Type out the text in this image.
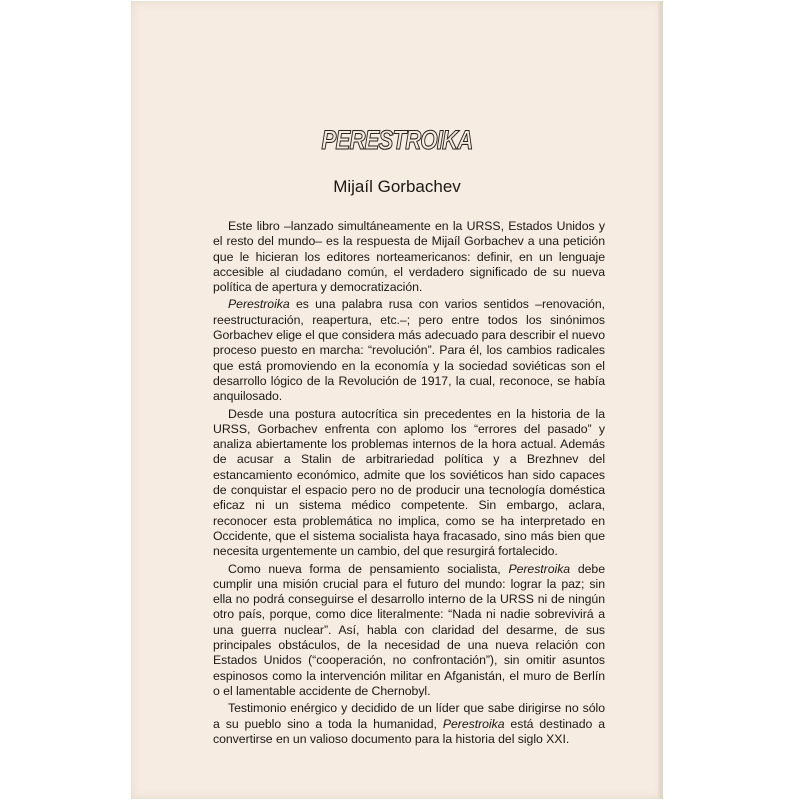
PERESTROIKA
Mijaíl Gorbachev

Este libro –lanzado simultáneamente en la URSS, Estados Unidos y el resto del mundo– es la respuesta de Mijaíl Gorbachev a una petición que le hicieran los editores norteamericanos: definir, en un lenguaje accesible al ciudadano común, el verdadero significado de su nueva política de apertura y democratización.

Perestroika es una palabra rusa con varios sentidos –renovación, reestructuración, reapertura, etc.–; pero entre todos los sinónimos Gorbachev elige el que considera más adecuado para describir el nuevo proceso puesto en marcha: “revolución”. Para él, los cambios radicales que está promoviendo en la economía y la sociedad soviéticas son el desarrollo lógico de la Revolución de 1917, la cual, reconoce, se había anquilosado.

Desde una postura autocrítica sin precedentes en la historia de la URSS, Gorbachev enfrenta con aplomo los “errores del pasado” y analiza abiertamente los problemas internos de la hora actual. Además de acusar a Stalin de arbitrariedad política y a Brezhnev del estancamiento económico, admite que los soviéticos han sido capaces de conquistar el espacio pero no de producir una tecnología doméstica eficaz ni un sistema médico competente. Sin embargo, aclara, reconocer esta problemática no implica, como se ha interpretado en Occidente, que el sistema socialista haya fracasado, sino más bien que necesita urgentemente un cambio, del que resurgirá fortalecido.

Como nueva forma de pensamiento socialista, Perestroika debe cumplir una misión crucial para el futuro del mundo: lograr la paz; sin ella no podrá conseguirse el desarrollo interno de la URSS ni de ningún otro país, porque, como dice literalmente: “Nada ni nadie sobrevivirá a una guerra nuclear”. Así, habla con claridad del desarme, de sus principales obstáculos, de la necesidad de una nueva relación con Estados Unidos (“cooperación, no confrontación”), sin omitir asuntos espinosos como la intervención militar en Afganistán, el muro de Berlín o el lamentable accidente de Chernobyl.

Testimonio enérgico y decidido de un líder que sabe dirigirse no sólo a su pueblo sino a toda la humanidad, Perestroika está destinado a convertirse en un valioso documento para la historia del siglo XXI.
